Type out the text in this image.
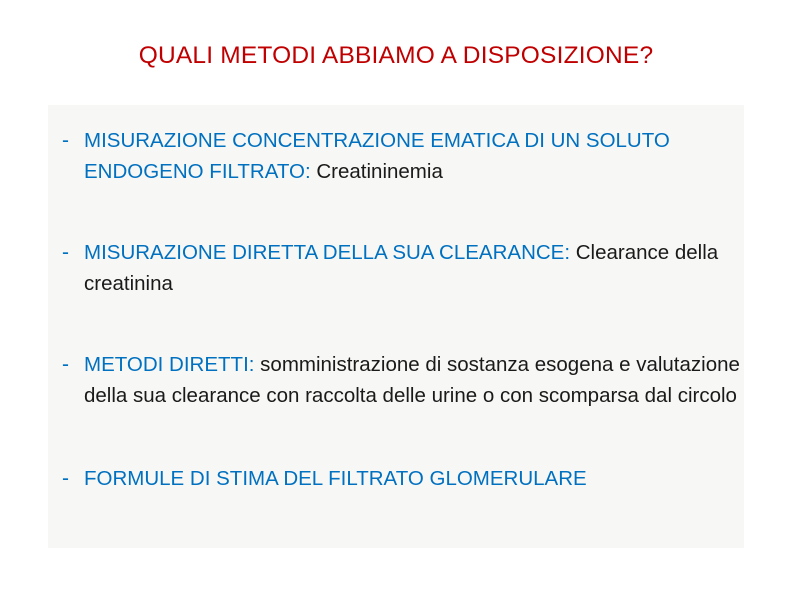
QUALI METODI ABBIAMO A DISPOSIZIONE?
- MISURAZIONE CONCENTRAZIONE EMATICA DI UN SOLUTO ENDOGENO FILTRATO: Creatininemia
- MISURAZIONE DIRETTA DELLA SUA CLEARANCE: Clearance della creatinina
- METODI DIRETTI: somministrazione di sostanza esogena e valutazione della sua clearance con raccolta delle urine o con scomparsa dal circolo
- FORMULE DI STIMA DEL FILTRATO GLOMERULARE
